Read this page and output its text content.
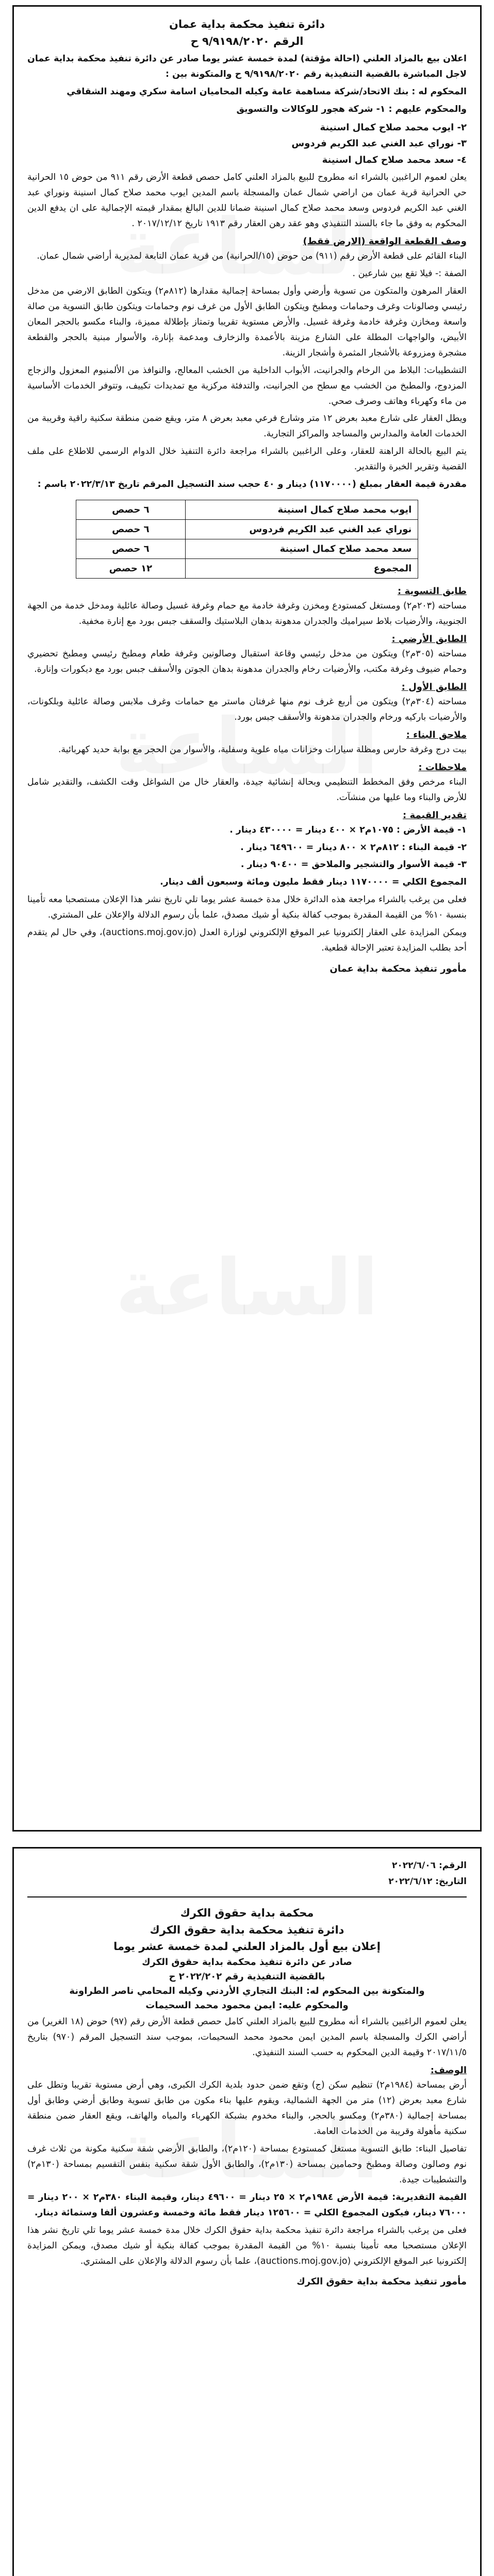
دائرة تنفيذ محكمة بداية عمان

الرقم ٩/٩١٩٨/٢٠٢٠ ح

اعلان بيع بالمزاد العلني (احالة مؤقتة) لمدة خمسة عشر يوما صادر عن دائرة تنفيذ محكمة بداية عمان لاجل المباشرة بالقضية التنفيذية رقم ٩/٩١٩٨/٢٠٢٠ ح والمتكونة بين :

المحكوم له : بنك الاتحاد/شركة مساهمة عامة وكيله المحاميان اسامة سكري ومهند الشقاقي

والمحكوم عليهم : ١- شركة هجور للوكالات والتسويق

٢- ايوب محمد صلاح كمال اسنينة
٣- نوراي عبد الغني عبد الكريم فردوس
٤- سعد محمد صلاح كمال اسنينة

يعلن لعموم الراغبين بالشراء انه مطروح للبيع بالمزاد العلني كامل حصص قطعة الأرض رقم ٩١١ من حوض ١٥ الحرانية حي الحرانية قرية عمان من اراضي شمال عمان والمسجلة باسم المدين ايوب محمد صلاح كمال اسنينة ونوراي عبد الغني عبد الكريم فردوس وسعد محمد صلاح كمال اسنينة ضمانا للدين البالغ بمقدار قيمته الإجمالية على ان يدفع الدين المحكوم به وفق ما جاء بالسند التنفيذي وهو عقد رهن العقار رقم ١٩١٣ تاريخ ٢٠١٧/١٢/١٢ .

وصف القطعة الواقعة (الارض فقط)

البناء القائم على قطعة الأرض رقم (٩١١) من حوض (١٥/الحرانية) من قرية عمان التابعة لمديرية أراضي شمال عمان.

الصفة :- فيلا تقع بين شارعين .

العقار المرهون والمتكون من تسوية وأرضي وأول بمساحة إجمالية مقدارها (٨١٢م٢) ويتكون الطابق الارضي من مدخل رئيسي وصالونات وغرف وحمامات ومطبخ ويتكون الطابق الأول من غرف نوم وحمامات ويتكون طابق التسوية من صالة واسعة ومخازن وغرفة خادمة وغرفة غسيل. والأرض مستوية تقريبا وتمتاز بإطلالة مميزة، والبناء مكسو بالحجر المعان الأبيض، والواجهات المطلة على الشارع مزينة بالأعمدة والزخارف ومدعمة بإنارة، والأسوار مبنية بالحجر والقطعة مشجرة ومزروعة بالأشجار المثمرة وأشجار الزينة.

التشطيبات: البلاط من الرخام والجرانيت، الأبواب الداخلية من الخشب المعالج، والنوافذ من الألمنيوم المعزول والزجاج المزدوج، والمطبخ من الخشب مع سطح من الجرانيت، والتدفئة مركزية مع تمديدات تكييف، وتتوفر الخدمات الأساسية من ماء وكهرباء وهاتف وصرف صحي.

ويطل العقار على شارع معبد بعرض ١٢ متر وشارع فرعي معبد بعرض ٨ متر، ويقع ضمن منطقة سكنية راقية وقريبة من الخدمات العامة والمدارس والمساجد والمراكز التجارية.

يتم البيع بالحالة الراهنة للعقار، وعلى الراغبين بالشراء مراجعة دائرة التنفيذ خلال الدوام الرسمي للاطلاع على ملف القضية وتقرير الخبرة والتقدير.

مقدرة قيمة العقار بمبلغ (١١٧٠٠٠٠) دينار و ٤٠ حجب سند التسجيل المرقم تاريخ ٢٠٢٢/٣/١٣ باسم :

ايوب محمد صلاح كمال اسنينة	٦ حصص
نوراي عبد الغني عبد الكريم فردوس	٦ حصص
سعد محمد صلاح كمال اسنينة	٦ حصص
المجموع	١٢ حصص

طابق التسوية :

مساحته (٢٠٣م٢) ومستغل كمستودع ومخزن وغرفة خادمة مع حمام وغرفة غسيل وصالة عائلية ومدخل خدمة من الجهة الجنوبية، والأرضيات بلاط سيراميك والجدران مدهونة بدهان البلاستيك والسقف جبس بورد مع إنارة مخفية.

الطابق الأرضي :

مساحته (٣٠٥م٢) ويتكون من مدخل رئيسي وقاعة استقبال وصالونين وغرفة طعام ومطبخ رئيسي ومطبخ تحضيري وحمام ضيوف وغرفة مكتب، والأرضيات رخام والجدران مدهونة بدهان الجوتن والأسقف جبس بورد مع ديكورات وإنارة.

الطابق الأول :

مساحته (٣٠٤م٢) ويتكون من أربع غرف نوم منها غرفتان ماستر مع حمامات وغرف ملابس وصالة عائلية وبلكونات، والأرضيات باركيه ورخام والجدران مدهونة والأسقف جبس بورد.

ملاحق البناء :

بيت درج وغرفة حارس ومظلة سيارات وخزانات مياه علوية وسفلية، والأسوار من الحجر مع بوابة حديد كهربائية.

ملاحظات :

البناء مرخص وفق المخطط التنظيمي وبحالة إنشائية جيدة، والعقار خال من الشواغل وقت الكشف، والتقدير شامل للأرض والبناء وما عليها من منشآت.

تقدير القيمة :

١- قيمة الأرض : ١٠٧٥م٢ × ٤٠٠ دينار = ٤٣٠٠٠٠ دينار .

٢- قيمة البناء : ٨١٢م٢ × ٨٠٠ دينار = ٦٤٩٦٠٠ دينار .

٣- قيمة الأسوار والتشجير والملاحق = ٩٠٤٠٠ دينار .

المجموع الكلي = ١١٧٠٠٠٠ دينار فقط مليون ومائة وسبعون ألف دينار.

فعلى من يرغب بالشراء مراجعة هذه الدائرة خلال مدة خمسة عشر يوما تلي تاريخ نشر هذا الإعلان مستصحبا معه تأمينا بنسبة ١٠% من القيمة المقدرة بموجب كفالة بنكية أو شيك مصدق، علما بأن رسوم الدلالة والإعلان على المشتري.

ويمكن المزايدة على العقار إلكترونيا عبر الموقع الإلكتروني لوزارة العدل (auctions.moj.gov.jo)، وفي حال لم يتقدم أحد بطلب المزايدة تعتبر الإحالة قطعية.

مأمور تنفيذ محكمة بداية عمان

الرقم: ٢٠٢٢/٦/٠٦

التاريخ: ٢٠٢٢/٦/١٢

محكمة بداية حقوق الكرك

دائرة تنفيذ محكمة بداية حقوق الكرك

إعلان بيع أول بالمزاد العلني لمدة خمسة عشر يوما

صادر عن دائرة تنفيذ محكمة بداية حقوق الكرك

بالقضية التنفيذية رقم ٢٠٢٢/٢٠٢ ح

والمتكونة بين المحكوم له: البنك التجاري الأردني وكيله المحامي ناصر الطراونة

والمحكوم عليه: ايمن محمود محمد السحيمات

يعلن لعموم الراغبين بالشراء أنه مطروح للبيع بالمزاد العلني كامل حصص قطعة الأرض رقم (٩٧) حوض (١٨ الغرير) من أراضي الكرك والمسجلة باسم المدين ايمن محمود محمد السحيمات، بموجب سند التسجيل المرقم (٩٧٠) بتاريخ ٢٠١٧/١١/٥ وقيمة الدين المحكوم به حسب السند التنفيذي.

الوصف:

أرض بمساحة (١٩٨٤م٢) تنظيم سكن (ج) وتقع ضمن حدود بلدية الكرك الكبرى، وهي أرض مستوية تقريبا وتطل على شارع معبد بعرض (١٢) متر من الجهة الشمالية، ويقوم عليها بناء مكون من طابق تسوية وطابق أرضي وطابق أول بمساحة إجمالية (٣٨٠م٢) ومكسو بالحجر، والبناء مخدوم بشبكة الكهرباء والمياه والهاتف، ويقع العقار ضمن منطقة سكنية مأهولة وقريبة من الخدمات العامة.

تفاصيل البناء: طابق التسوية مستغل كمستودع بمساحة (١٢٠م٢)، والطابق الأرضي شقة سكنية مكونة من ثلاث غرف نوم وصالون وصالة ومطبخ وحمامين بمساحة (١٣٠م٢)، والطابق الأول شقة سكنية بنفس التقسيم بمساحة (١٣٠م٢) والتشطيبات جيدة.

القيمة التقديرية: قيمة الأرض ١٩٨٤م٢ × ٢٥ دينار = ٤٩٦٠٠ دينار، وقيمة البناء ٣٨٠م٢ × ٢٠٠ دينار = ٧٦٠٠٠ دينار، فيكون المجموع الكلي = ١٢٥٦٠٠ دينار فقط مائة وخمسة وعشرون ألفا وستمائة دينار.

فعلى من يرغب بالشراء مراجعة دائرة تنفيذ محكمة بداية حقوق الكرك خلال مدة خمسة عشر يوما تلي تاريخ نشر هذا الإعلان مستصحبا معه تأمينا بنسبة ١٠% من القيمة المقدرة بموجب كفالة بنكية أو شيك مصدق، ويمكن المزايدة إلكترونيا عبر الموقع الإلكتروني (auctions.moj.gov.jo)، علما بأن رسوم الدلالة والإعلان على المشتري.

مأمور تنفيذ محكمة بداية حقوق الكرك
